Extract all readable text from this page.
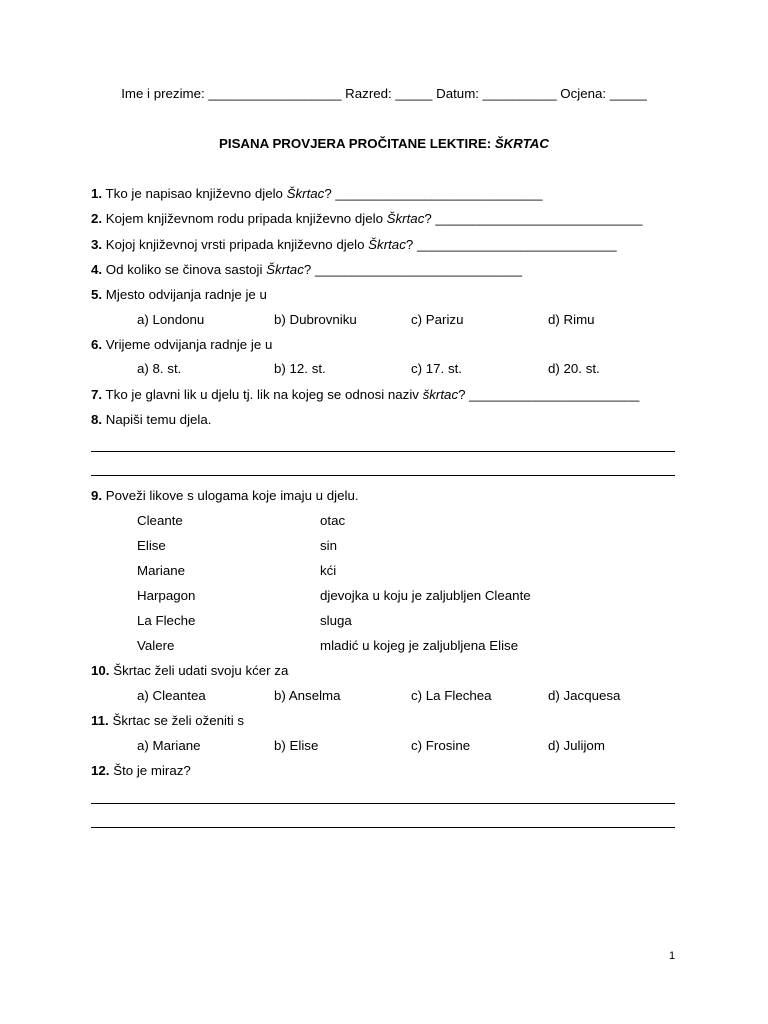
Ime i prezime: __________________ Razred: _____ Datum: __________ Ocjena: _____
PISANA PROVJERA PROČITANE LEKTIRE: ŠKRTAC
1. Tko je napisao književno djelo Škrtac? ____________________________
2. Kojem književnom rodu pripada književno djelo Škrtac? ____________________________
3. Kojoj književnoj vrsti pripada književno djelo Škrtac? ___________________________
4. Od koliko se činova sastoji Škrtac? ____________________________
5. Mjesto odvijanja radnje je u
a) Londonu	b) Dubrovniku	c) Parizu	d) Rimu
6. Vrijeme odvijanja radnje je u
a) 8. st.	b) 12. st.	c) 17. st.	d) 20. st.
7. Tko je glavni lik u djelu tj. lik na kojeg se odnosi naziv škrtac? _______________________
8. Napiši temu djela.
9. Poveži likove s ulogama koje imaju u djelu.
Cleante	otac
Elise	sin
Mariane	kći
Harpagon	djevojka u koju je zaljubljen Cleante
La Fleche	sluga
Valere	mladić u kojeg je zaljubljena Elise
10. Škrtac želi udati svoju kćer za
a) Cleantea	b) Anselma	c) La Flechea	d) Jacquesa
11. Škrtac se želi oženiti s
a) Mariane	b) Elise	c) Frosine	d) Julijom
12. Što je miraz?
1
